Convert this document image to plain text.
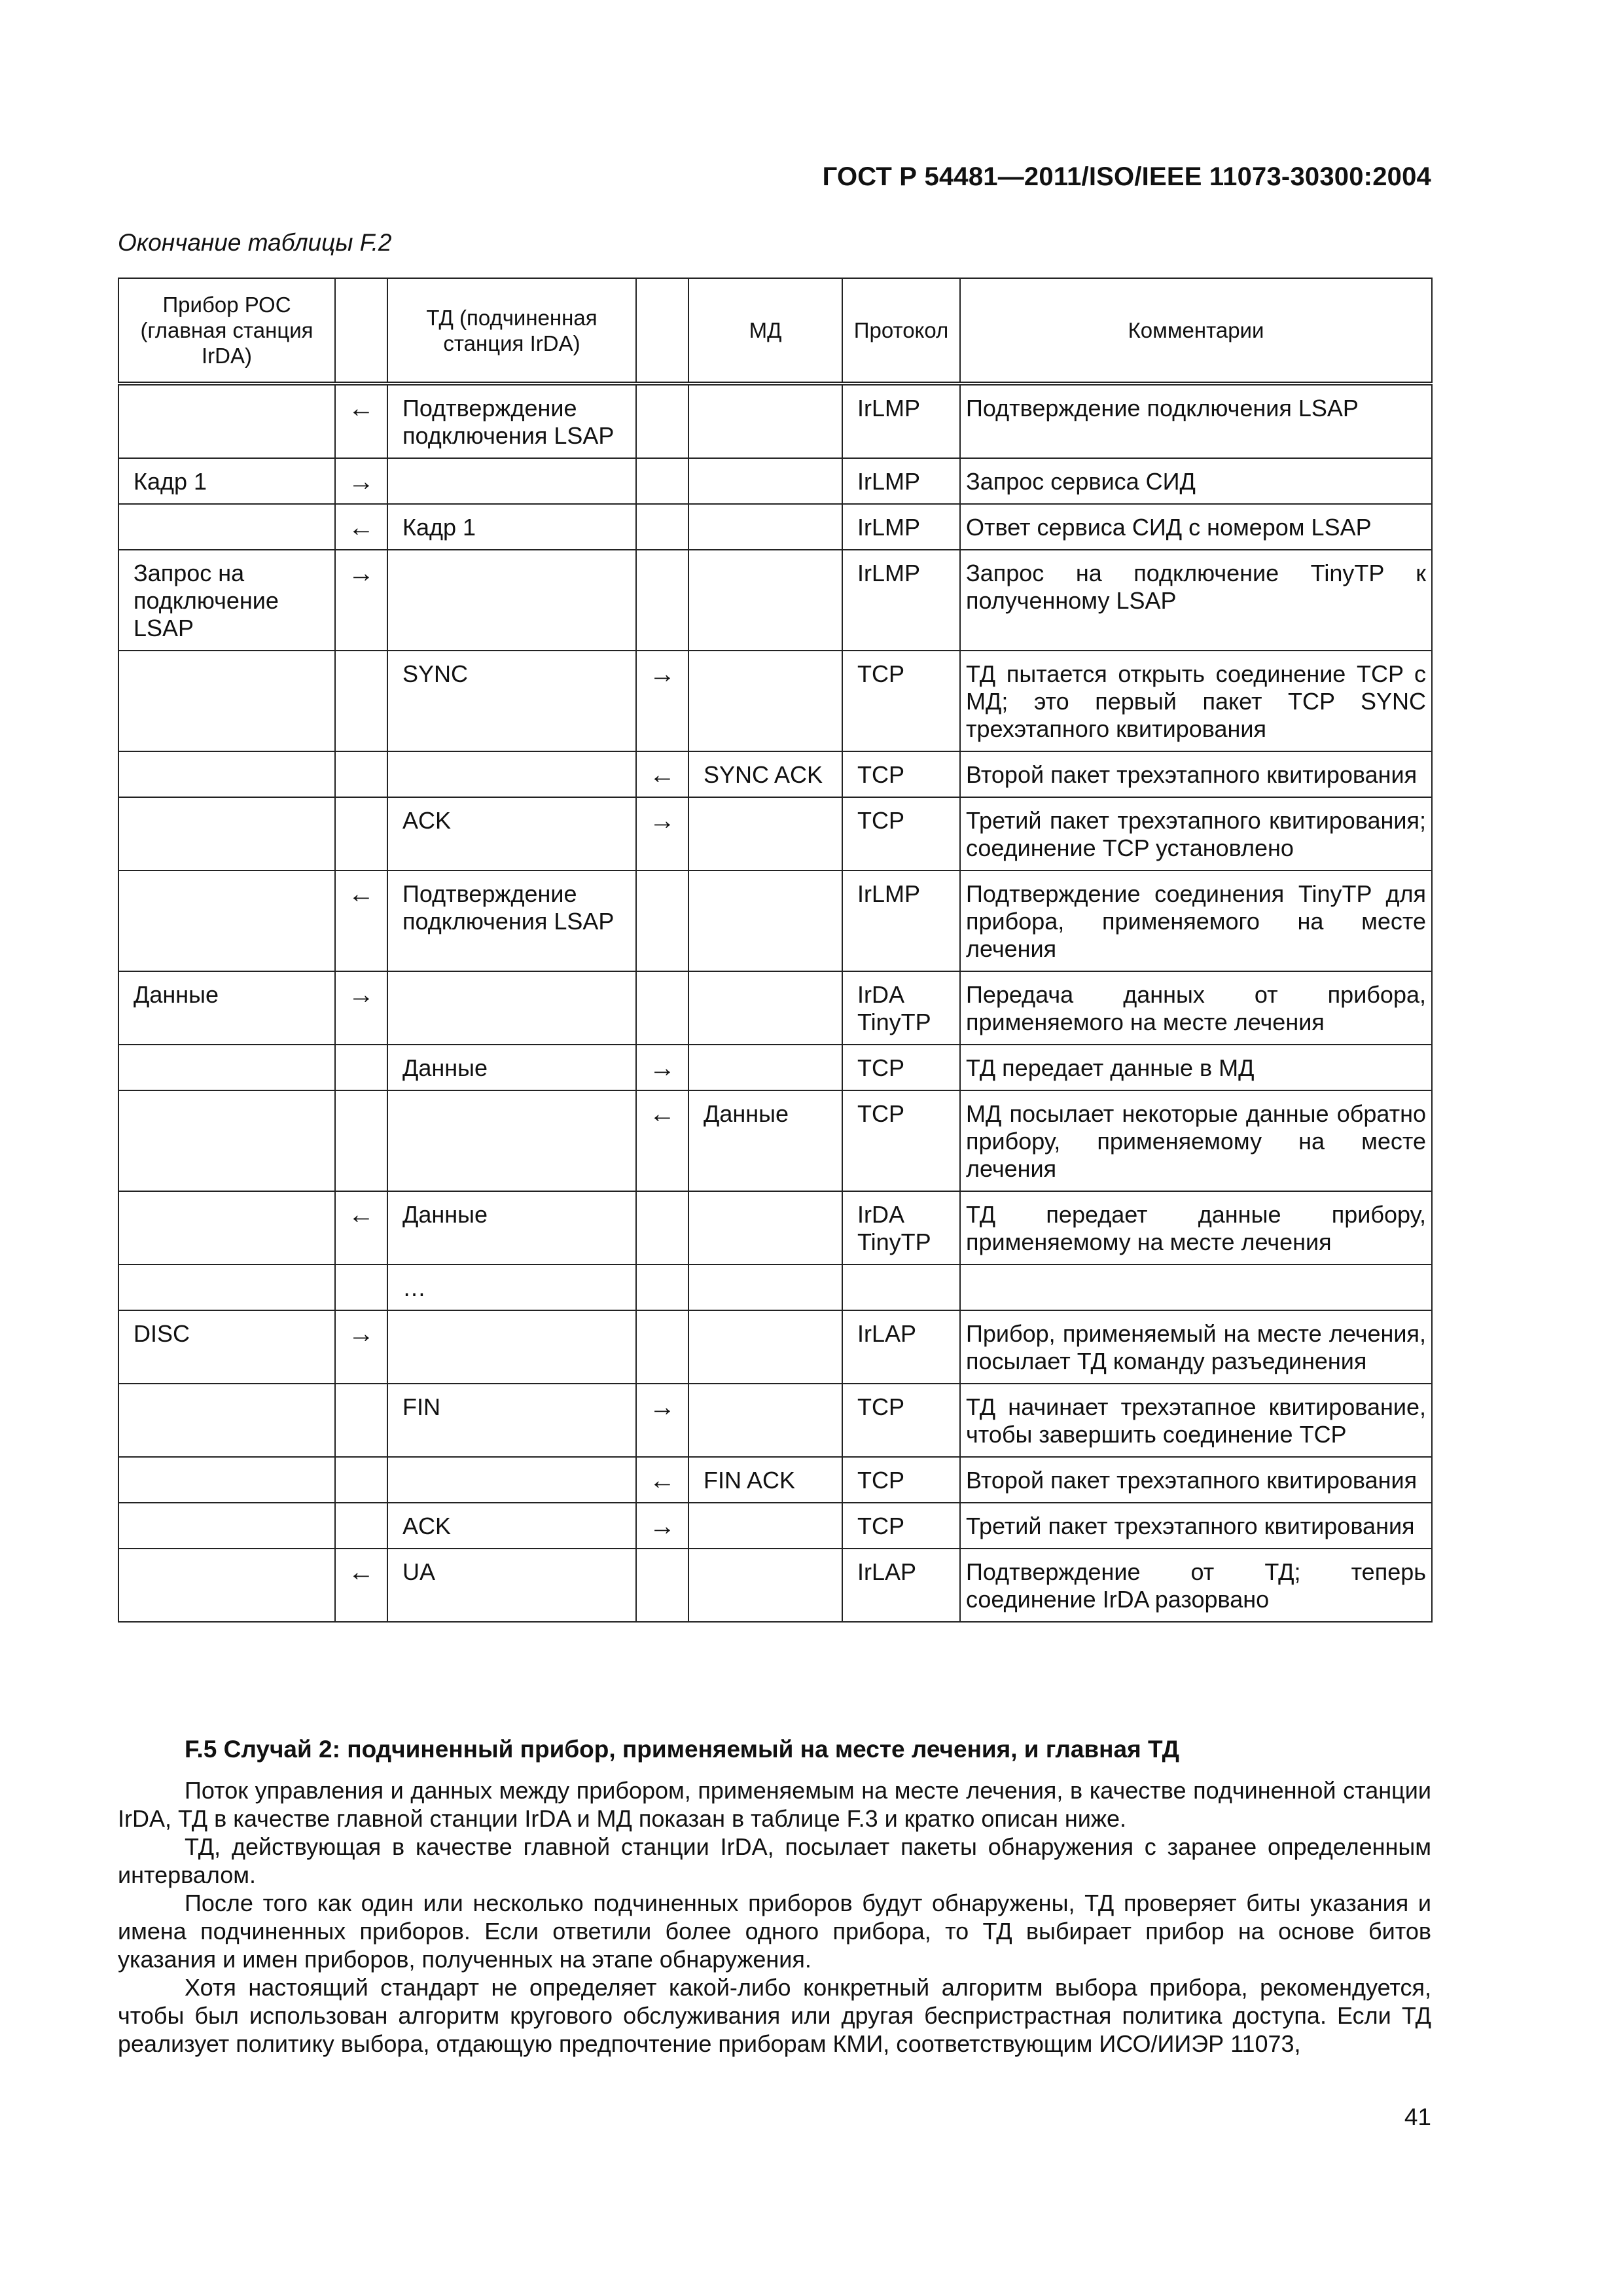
ГОСТ Р 54481—2011/ISO/IEEE 11073-30300:2004
Окончание таблицы F.2
Прибор РОС (главная станция IrDA)		ТД (подчиненная станция IrDA)		МД	Протокол	Комментарии
	←	Подтверждение подключения LSAP			IrLMP	Подтверждение подключения LSAP
Кадр 1	→				IrLMP	Запрос сервиса СИД
	←	Кадр 1			IrLMP	Ответ сервиса СИД с номером LSAP
Запрос на подключение LSAP	→				IrLMP	Запрос на подключение TinyTP к полученному LSAP
		SYNC	→		TCP	ТД пытается открыть соединение TCP с МД; это первый пакет TCP SYNC трехэтапного квитирования
			←	SYNC ACK	TCP	Второй пакет трехэтапного квитирования
		ACK	→		TCP	Третий пакет трехэтапного квитирования; соединение TCP установлено
	←	Подтверждение подключения LSAP			IrLMP	Подтверждение соединения TinyTP для прибора, применяемого на месте лечения
Данные	→				IrDA TinyTP	Передача данных от прибора, применяемого на месте лечения
		Данные	→		TCP	ТД передает данные в МД
			←	Данные	TCP	МД посылает некоторые данные обратно прибору, применяемому на месте лечения
	←	Данные			IrDA TinyTP	ТД передает данные прибору, применяемому на месте лечения
		…				
DISC	→				IrLAP	Прибор, применяемый на месте лечения, посылает ТД команду разъединения
		FIN	→		TCP	ТД начинает трехэтапное квитирование, чтобы завершить соединение TCP
			←	FIN ACK	TCP	Второй пакет трехэтапного квитирования
		ACK	→		TCP	Третий пакет трехэтапного квитирования
	←	UA			IrLAP	Подтверждение от ТД; теперь соединение IrDA разорвано
F.5 Случай 2: подчиненный прибор, применяемый на месте лечения, и главная ТД

Поток управления и данных между прибором, применяемым на месте лечения, в качестве подчиненной станции IrDA, ТД в качестве главной станции IrDA и МД показан в таблице F.3 и кратко описан ниже.

ТД, действующая в качестве главной станции IrDA, посылает пакеты обнаружения с заранее определенным интервалом.

После того как один или несколько подчиненных приборов будут обнаружены, ТД проверяет биты указания и имена подчиненных приборов. Если ответили более одного прибора, то ТД выбирает прибор на основе битов указания и имен приборов, полученных на этапе обнаружения.

Хотя настоящий стандарт не определяет какой-либо конкретный алгоритм выбора прибора, рекомендуется, чтобы был использован алгоритм кругового обслуживания или другая беспристрастная политика доступа. Если ТД реализует политику выбора, отдающую предпочтение приборам КМИ, соответствующим ИСО/ИИЭР 11073,

41
